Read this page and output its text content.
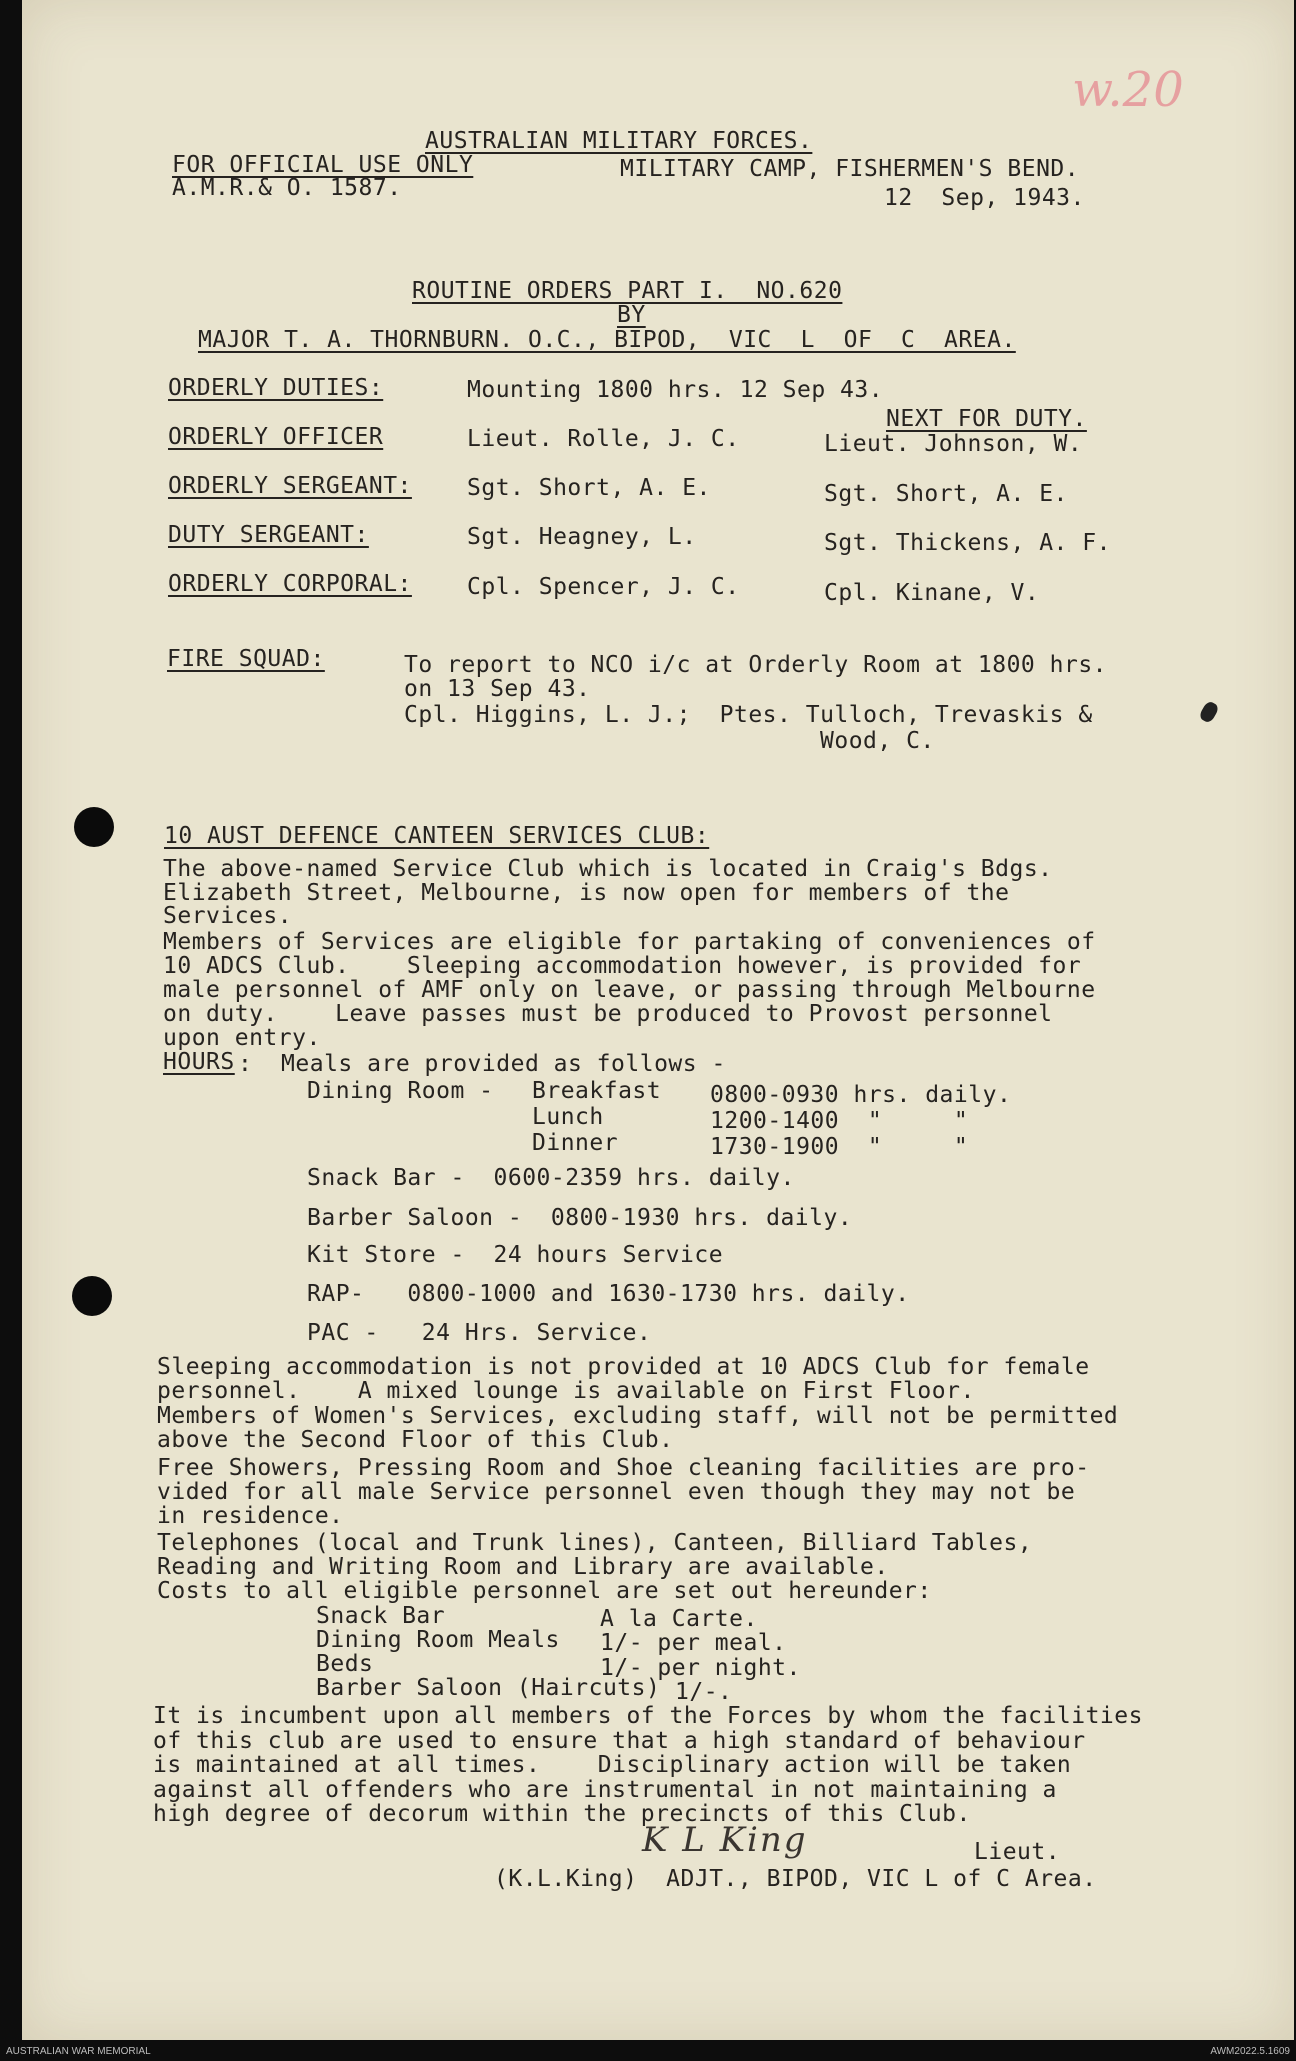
w.20
AUSTRALIAN MILITARY FORCES.
FOR OFFICIAL USE ONLY	MILITARY CAMP, FISHERMEN'S BEND.
A.M.R.& O. 1587.	12  Sep, 1943.
ROUTINE ORDERS PART I.  NO.620
BY
MAJOR T. A. THORNBURN. O.C., BIPOD,  VIC  L  OF  C  AREA.
ORDERLY DUTIES:	Mounting 1800 hrs. 12 Sep 43.
NEXT FOR DUTY.
ORDERLY OFFICER	Lieut. Rolle, J. C.	Lieut. Johnson, W.
ORDERLY SERGEANT: Sgt. Short, A. E.	Sgt. Short, A. E.
DUTY SERGEANT:	Sgt. Heagney, L.	Sgt. Thickens, A. F.
ORDERLY CORPORAL: Cpl. Spencer, J. C.	Cpl. Kinane, V.
FIRE SQUAD:	To report to NCO i/c at Orderly Room at 1800 hrs.
on 13 Sep 43.
Cpl. Higgins, L. J.;  Ptes. Tulloch, Trevaskis &
Wood, C.
10 AUST DEFENCE CANTEEN SERVICES CLUB:
The above-named Service Club which is located in Craig's Bdgs.
Elizabeth Street, Melbourne, is now open for members of the
Services.
Members of Services are eligible for partaking of conveniences of
10 ADCS Club.    Sleeping accommodation however, is provided for
male personnel of AMF only on leave, or passing through Melbourne
on duty.    Leave passes must be produced to Provost personnel
upon entry.
HOURS :  Meals are provided as follows -
Dining Room - Breakfast 0800-0930 hrs. daily.
Lunch	1200-1400  "     "
Dinner	1730-1900  "     "
Snack Bar -  0600-2359 hrs. daily.
Barber Saloon -  0800-1930 hrs. daily.
Kit Store -  24 hours Service
RAP-   0800-1000 and 1630-1730 hrs. daily.
PAC -   24 Hrs. Service.
Sleeping accommodation is not provided at 10 ADCS Club for female
personnel.    A mixed lounge is available on First Floor.
Members of Women's Services, excluding staff, will not be permitted
above the Second Floor of this Club.
Free Showers, Pressing Room and Shoe cleaning facilities are pro-
vided for all male Service personnel even though they may not be
in residence.
Telephones (local and Trunk lines), Canteen, Billiard Tables,
Reading and Writing Room and Library are available.
Costs to all eligible personnel are set out hereunder:
Snack Bar	A la Carte.
Dining Room Meals 1/- per meal.
Beds	1/- per night.
Barber Saloon (Haircuts) 1/-.
It is incumbent upon all members of the Forces by whom the facilities
of this club are used to ensure that a high standard of behaviour
is maintained at all times.    Disciplinary action will be taken
against all offenders who are instrumental in not maintaining a
high degree of decorum within the precincts of this Club.
K L King	Lieut.
(K.L.King)  ADJT., BIPOD, VIC L of C Area.
AUSTRALIAN WAR MEMORIAL	AWM2022.5.1609
